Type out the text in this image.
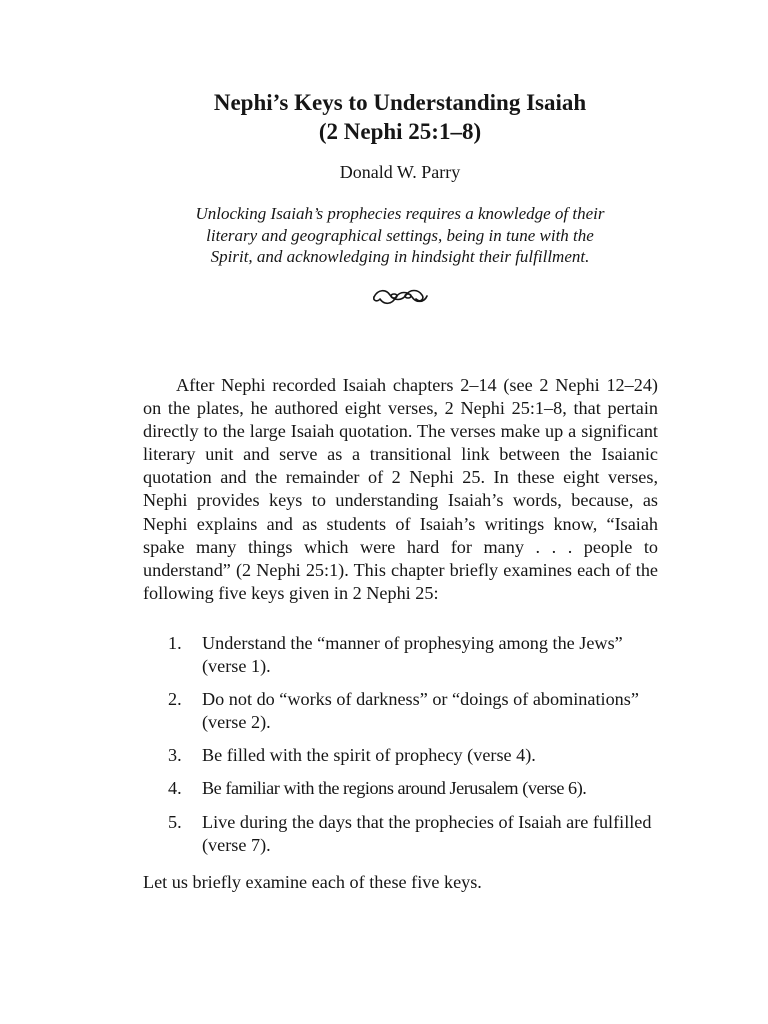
Nephi’s Keys to Understanding Isaiah
(2 Nephi 25:1–8)

Donald W. Parry

Unlocking Isaiah’s prophecies requires a knowledge of their
literary and geographical settings, being in tune with the
Spirit, and acknowledging in hindsight their fulfillment.

After Nephi recorded Isaiah chapters 2–14 (see 2 Nephi 12–24) on the plates, he authored eight verses, 2 Nephi 25:1–8, that pertain directly to the large Isaiah quotation. The verses make up a significant literary unit and serve as a transitional link between the Isaianic quotation and the remainder of 2 Nephi 25. In these eight verses, Nephi provides keys to understanding Isaiah’s words, because, as Nephi explains and as students of Isaiah’s writings know, “Isaiah spake many things which were hard for many . . . people to understand” (2 Nephi 25:1). This chapter briefly examines each of the following five keys given in 2 Nephi 25:

1. Understand the “manner of prophesying among the Jews” (verse 1).
2. Do not do “works of darkness” or “doings of abominations” (verse 2).
3. Be filled with the spirit of prophecy (verse 4).
4. Be familiar with the regions around Jerusalem (verse 6).
5. Live during the days that the prophecies of Isaiah are fulfilled (verse 7).

Let us briefly examine each of these five keys.
